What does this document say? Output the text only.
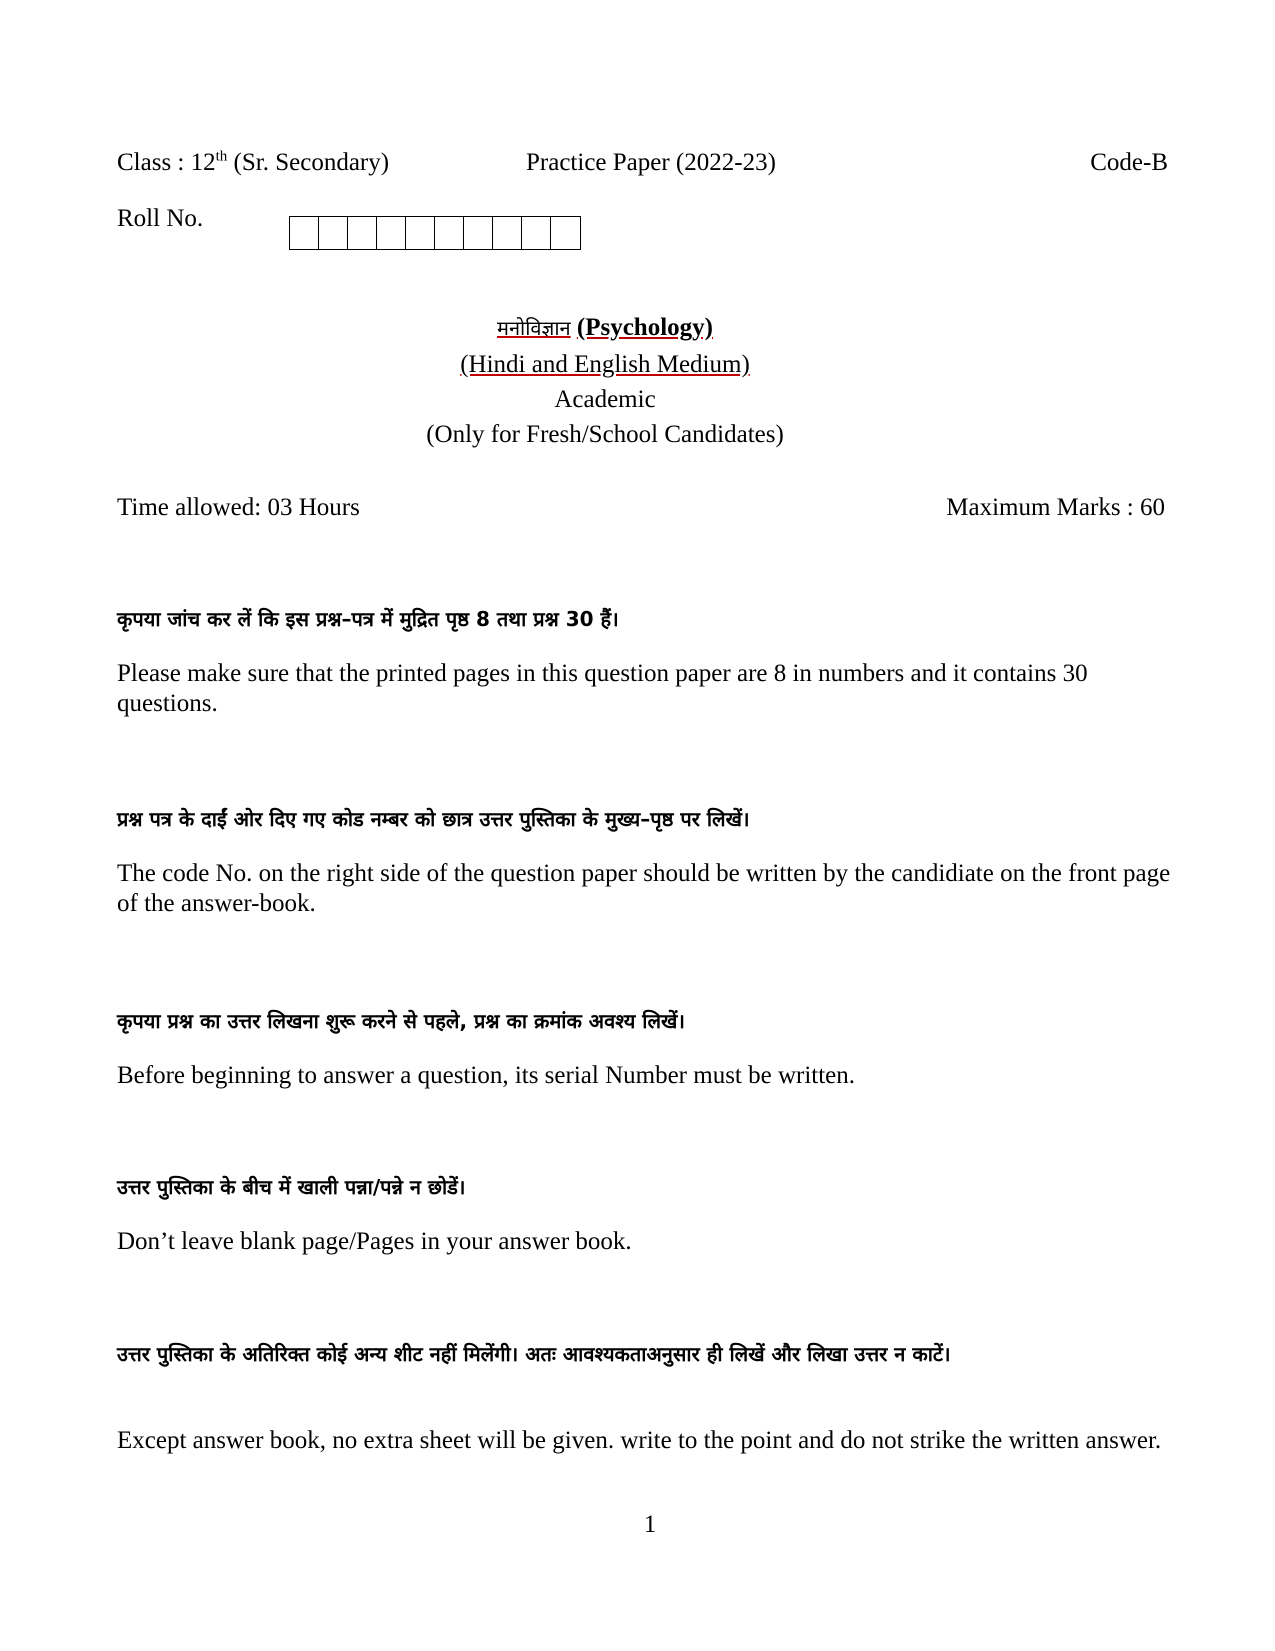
Class : 12th (Sr. Secondary)	Practice Paper (2022-23)	Code-B
Roll No.
मनोविज्ञान (Psychology)
(Hindi and English Medium)
Academic
(Only for Fresh/School Candidates)
Time allowed: 03 Hours	Maximum Marks : 60
कृपया जांच कर लें कि इस प्रश्न–पत्र में मुद्रित पृष्ठ 8 तथा प्रश्न 30 हैं।
Please make sure that the printed pages in this question paper are 8 in numbers and it contains 30 questions.
प्रश्न पत्र के दाईं ओर दिए गए कोड नम्बर को छात्र उत्तर पुस्तिका के मुख्य–पृष्ठ पर लिखें।
The code No. on the right side of the question paper should be written by the candidiate on the front page of the answer-book.
कृपया प्रश्न का उत्तर लिखना शुरू करने से पहले, प्रश्न का क्रमांक अवश्य लिखें।
Before beginning to answer a question, its serial Number must be written.
उत्तर पुस्तिका के बीच में खाली पन्ना/पन्ने न छोडें।
Don’t leave blank page/Pages in your answer book.
उत्तर पुस्तिका के अतिरिक्त कोई अन्य शीट नहीं मिलेंगी। अतः आवश्यकताअनुसार ही लिखें और लिखा उत्तर न काटें।
Except answer book, no extra sheet will be given. write to the point and do not strike the written answer.
1
